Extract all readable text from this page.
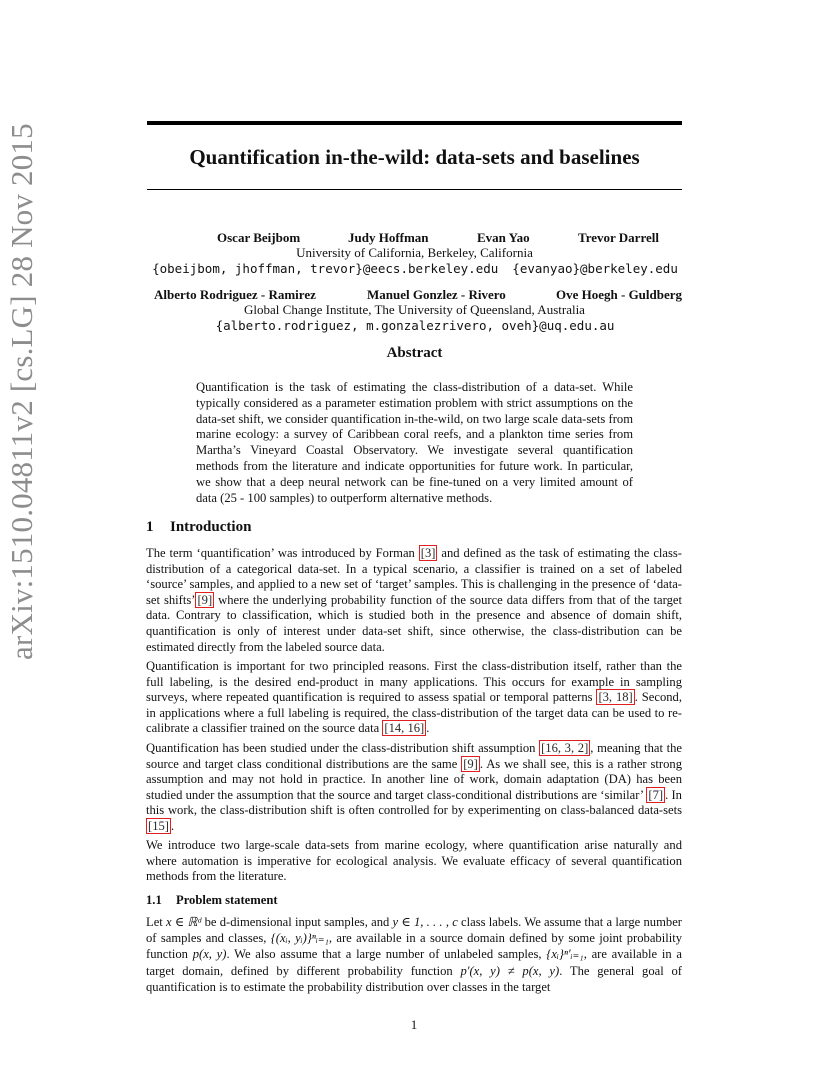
arXiv:1510.04811v2 [cs.LG] 28 Nov 2015	Quantification in-the-wild: data-sets and baselines
Oscar Beijbom	Judy Hoffman	Evan Yao	Trevor Darrell
University of California, Berkeley, California
{obeijbom, jhoffman, trevor}@eecs.berkeley.edu {evanyao}@berkeley.edu
Alberto Rodriguez - Ramirez	Manuel Gonzlez - Rivero	Ove Hoegh - Guldberg
Global Change Institute, The University of Queensland, Australia
{alberto.rodriguez, m.gonzalezrivero, oveh}@uq.edu.au
Abstract
Quantification is the task of estimating the class-distribution of a data-set. While typically considered as a parameter estimation problem with strict assumptions on the data-set shift, we consider quantification in-the-wild, on two large scale data-sets from marine ecology: a survey of Caribbean coral reefs, and a plankton time series from Martha’s Vineyard Coastal Observatory. We investigate several quantification methods from the literature and indicate opportunities for future work. In particular, we show that a deep neural network can be fine-tuned on a very limited amount of data (25 - 100 samples) to outperform alternative methods.
1 Introduction

The term ‘quantification’ was introduced by Forman [3] and defined as the task of estimating the class-distribution of a categorical data-set. In a typical scenario, a classifier is trained on a set of labeled ‘source’ samples, and applied to a new set of ‘target’ samples. This is challenging in the presence of ‘data-set shifts’ [9] where the underlying probability function of the source data differs from that of the target data. Contrary to classification, which is studied both in the presence and absence of domain shift, quantification is only of interest under data-set shift, since otherwise, the class-distribution can be estimated directly from the labeled source data.

Quantification is important for two principled reasons. First the class-distribution itself, rather than the full labeling, is the desired end-product in many applications. This occurs for example in sampling surveys, where repeated quantification is required to assess spatial or temporal patterns [3, 18] . Second, in applications where a full labeling is required, the class-distribution of the target data can be used to re-calibrate a classifier trained on the source data [14, 16] .

Quantification has been studied under the class-distribution shift assumption [16, 3, 2] , meaning that the source and target class conditional distributions are the same [9] . As we shall see, this is a rather strong assumption and may not hold in practice. In another line of work, domain adaptation (DA) has been studied under the assumption that the source and target class-conditional distributions are ‘similar’ [7] . In this work, the class-distribution shift is often controlled for by experimenting on class-balanced data-sets [15] .

We introduce two large-scale data-sets from marine ecology, where quantification arise naturally and where automation is imperative for ecological analysis. We evaluate efficacy of several quantification methods from the literature.
1.1 Problem statement

Let x ∈ ℝᵈ be d-dimensional input samples, and y ∈ 1, . . . , c class labels. We assume that a large number of samples and classes, {(xᵢ, yᵢ)}ⁿᵢ₌₁, are available in a source domain defined by some joint probability function p(x, y). We also assume that a large number of unlabeled samples, {xᵢ}ⁿ′ᵢ₌₁, are available in a target domain, defined by different probability function p′(x, y) ≠ p(x, y). The general goal of quantification is to estimate the probability distribution over classes in the target

1
